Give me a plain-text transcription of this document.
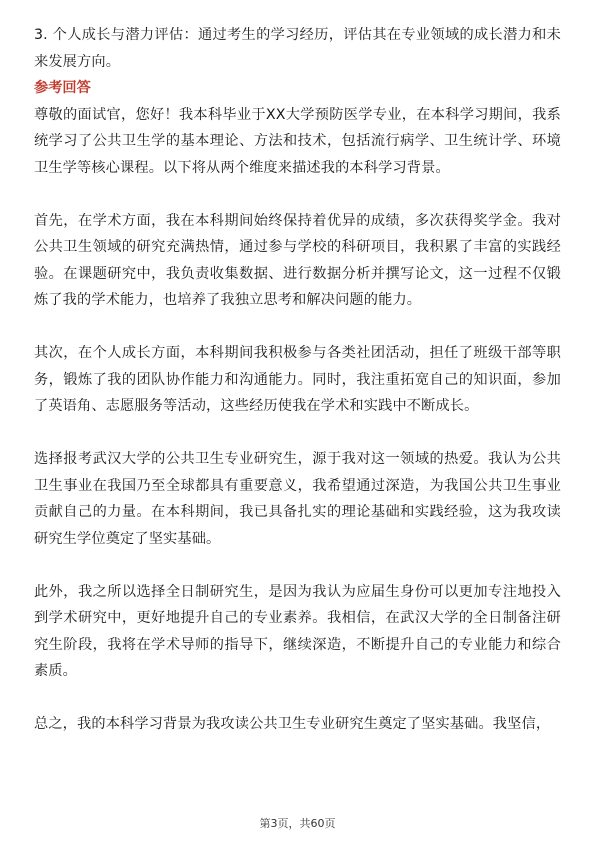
3. 个人成长与潜力评估：通过考生的学习经历，评估其在专业领域的成长潜力和未来发展方向。

参考回答

尊敬的面试官，您好！我本科毕业于XX大学预防医学专业，在本科学习期间，我系统学习了公共卫生学的基本理论、方法和技术，包括流行病学、卫生统计学、环境卫生学等核心课程。以下将从两个维度来描述我的本科学习背景。

首先，在学术方面，我在本科期间始终保持着优异的成绩，多次获得奖学金。我对公共卫生领域的研究充满热情，通过参与学校的科研项目，我积累了丰富的实践经验。在课题研究中，我负责收集数据、进行数据分析并撰写论文，这一过程不仅锻炼了我的学术能力，也培养了我独立思考和解决问题的能力。

其次，在个人成长方面，本科期间我积极参与各类社团活动，担任了班级干部等职务，锻炼了我的团队协作能力和沟通能力。同时，我注重拓宽自己的知识面，参加了英语角、志愿服务等活动，这些经历使我在学术和实践中不断成长。

选择报考武汉大学的公共卫生专业研究生，源于我对这一领域的热爱。我认为公共卫生事业在我国乃至全球都具有重要意义，我希望通过深造，为我国公共卫生事业贡献自己的力量。在本科期间，我已具备扎实的理论基础和实践经验，这为我攻读研究生学位奠定了坚实基础。

此外，我之所以选择全日制研究生，是因为我认为应届生身份可以更加专注地投入到学术研究中，更好地提升自己的专业素养。我相信，在武汉大学的全日制备注研究生阶段，我将在学术导师的指导下，继续深造，不断提升自己的专业能力和综合素质。

总之，我的本科学习背景为我攻读公共卫生专业研究生奠定了坚实基础。我坚信，

第3页，共60页
